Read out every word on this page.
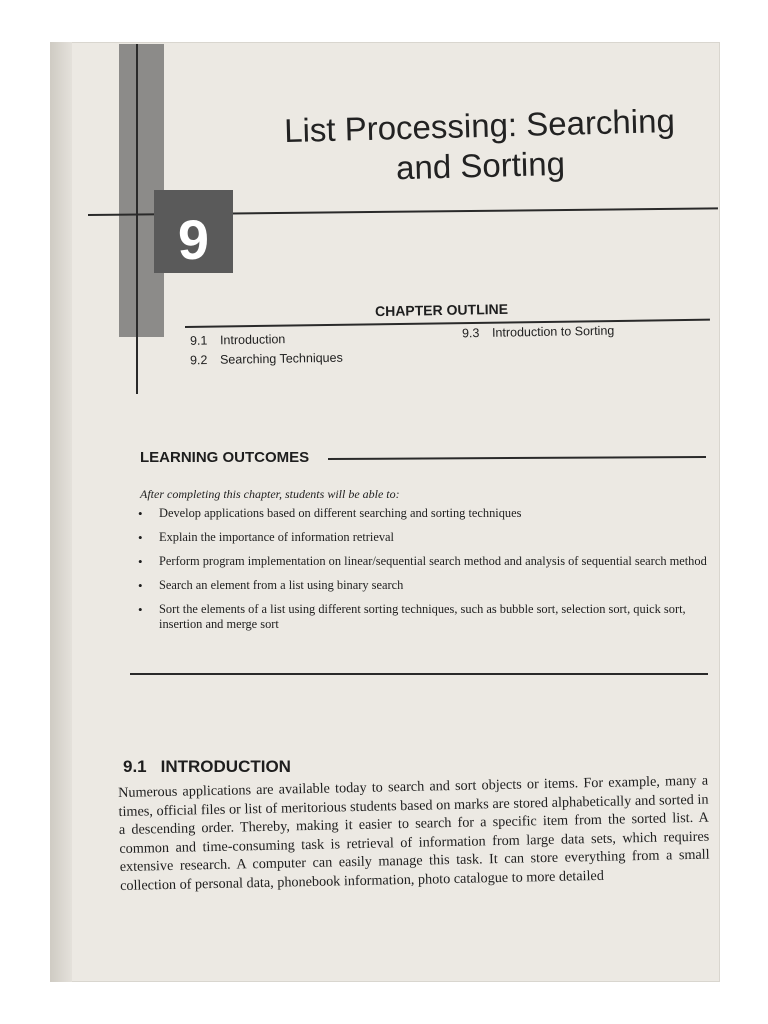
9
List Processing: Searching
and Sorting
CHAPTER OUTLINE
9.1 Introduction
9.2 Searching Techniques
9.3 Introduction to Sorting
LEARNING OUTCOMES
After completing this chapter, students will be able to:
• Develop applications based on different searching and sorting techniques
• Explain the importance of information retrieval
• Perform program implementation on linear/sequential search method and analysis of sequential search method
• Search an element from a list using binary search
• Sort the elements of a list using different sorting techniques, such as bubble sort, selection sort, quick sort, insertion and merge sort
9.1 INTRODUCTION
Numerous applications are available today to search and sort objects or items. For example, many a times, official files or list of meritorious students based on marks are stored alphabetically and sorted in a descending order. Thereby, making it easier to search for a specific item from the sorted list. A common and time-consuming task is retrieval of information from large data sets, which requires extensive research. A computer can easily manage this task. It can store everything from a small collection of personal data, phonebook information, photo catalogue to more detailed
